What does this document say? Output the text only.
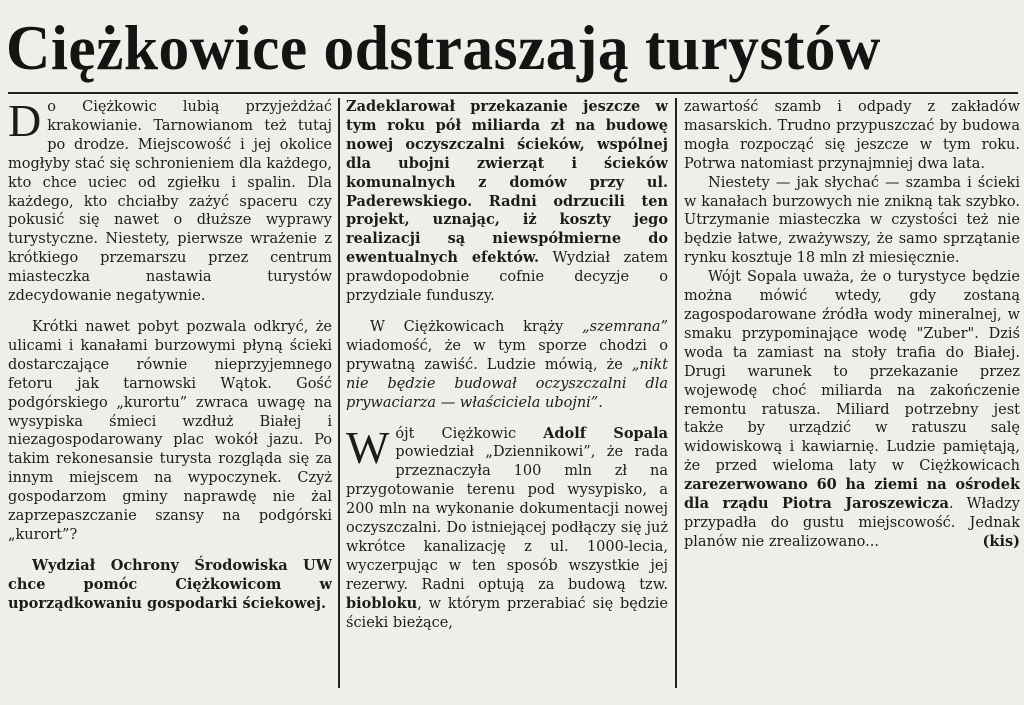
Ciężkowice odstraszają turystów

Do Ciężkowic lubią przyjeżdżać krakowianie. Tarnowianom też tutaj po drodze. Miejscowość i jej okolice mogłyby stać się schronieniem dla każdego, kto chce uciec od zgiełku i spalin. Dla każdego, kto chciałby zażyć spaceru czy pokusić się nawet o dłuższe wyprawy turystyczne. Niestety, pierwsze wrażenie z krótkiego przemarszu przez centrum miasteczka nastawia turystów zdecydowanie negatywnie.

Krótki nawet pobyt pozwala odkryć, że ulicami i kanałami burzowymi płyną ścieki dostarczające równie nieprzyjemnego fetoru jak tarnowski Wątok. Gość podgórskiego „kurortu” zwraca uwagę na wysypiska śmieci wzdłuż Białej i niezagospodarowany plac wokół jazu. Po takim rekonesansie turysta rozgląda się za innym miejscem na wypoczynek. Czyż gospodarzom gminy naprawdę nie żal zaprzepaszczanie szansy na podgórski „kurort”?

Wydział Ochrony Środowiska UW chce pomóc Ciężkowicom w uporządkowaniu gospodarki ściekowej.

Zadeklarował przekazanie jeszcze w tym roku pół miliarda zł na budowę nowej oczyszczalni ścieków, wspólnej dla ubojni zwierząt i ścieków komunalnych z domów przy ul. Paderewskiego. Radni odrzucili ten projekt, uznając, iż koszty jego realizacji są niewspółmierne do ewentualnych efektów. Wydział zatem prawdopodobnie cofnie decyzje o przydziale funduszy.

W Ciężkowicach krąży „szemrana” wiadomość, że w tym sporze chodzi o prywatną zawiść. Ludzie mówią, że „nikt nie będzie budował oczyszczalni dla prywaciarza — właściciela ubojni”.

Wójt Ciężkowic Adolf Sopala powiedział „Dziennikowi”, że rada przeznaczyła 100 mln zł na przygotowanie terenu pod wysypisko, a 200 mln na wykonanie dokumentacji nowej oczyszczalni. Do istniejącej podłączy się już wkrótce kanalizację z ul. 1000-lecia, wyczerpując w ten sposób wszystkie jej rezerwy. Radni optują za budową tzw. biobloku, w którym przerabiać się będzie ścieki bieżące,

zawartość szamb i odpady z zakładów masarskich. Trudno przypuszczać by budowa mogła rozpocząć się jeszcze w tym roku. Potrwa natomiast przynajmniej dwa lata.

Niestety — jak słychać — szamba i ścieki w kanałach burzowych nie znikną tak szybko. Utrzymanie miasteczka w czystości też nie będzie łatwe, zważywszy, że samo sprzątanie rynku kosztuje 18 mln zł miesięcznie.

Wójt Sopala uważa, że o turystyce będzie można mówić wtedy, gdy zostaną zagospodarowane źródła wody mineralnej, w smaku przypominające wodę "Zuber". Dziś woda ta zamiast na stoły trafia do Białej. Drugi warunek to przekazanie przez wojewodę choć miliarda na zakończenie remontu ratusza. Miliard potrzebny jest także by urządzić w ratuszu salę widowiskową i kawiarnię. Ludzie pamiętają, że przed wieloma laty w Ciężkowicach zarezerwowano 60 ha ziemi na ośrodek dla rządu Piotra Jaroszewicza. Władzy przypadła do gustu miejscowość. Jednak planów nie zrealizowano...	(kis)
